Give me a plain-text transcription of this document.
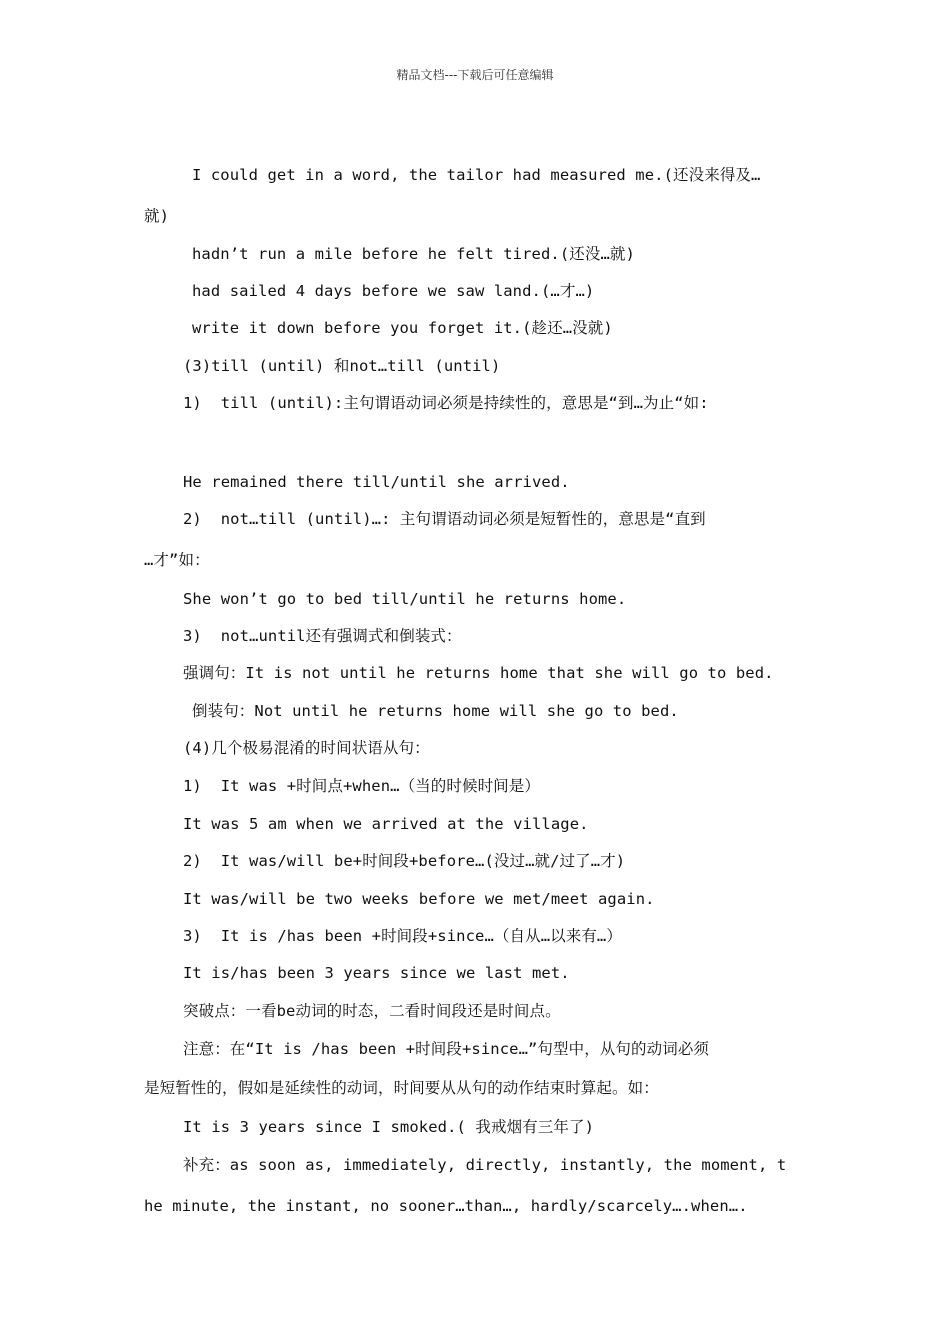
精品文档---下载后可任意编辑
I could get in a word, the tailor had measured me.(还没来得及…
就)
hadn’t run a mile before he felt tired.(还没…就)
had sailed 4 days before we saw land.(…才…)
write it down before you forget it.(趁还…没就)
(3)till (until) 和not…till (until)
1)  till (until):主句谓语动词必须是持续性的，意思是“到…为止“如:
He remained there till/until she arrived.
2)  not…till (until)…: 主句谓语动词必须是短暂性的，意思是“直到
…才”如：
She won’t go to bed till/until he returns home.
3)  not…until还有强调式和倒装式：
强调句：It is not until he returns home that she will go to bed.
倒装句：Not until he returns home will she go to bed.
(4)几个极易混淆的时间状语从句：
1)  It was +时间点+when…（当的时候时间是）
It was 5 am when we arrived at the village.
2)  It was/will be+时间段+before…(没过…就/过了…才)
It was/will be two weeks before we met/meet again.
3)  It is /has been +时间段+since…（自从…以来有…）
It is/has been 3 years since we last met.
突破点：一看be动词的时态，二看时间段还是时间点。
注意：在“It is /has been +时间段+since…”句型中，从句的动词必须
是短暂性的，假如是延续性的动词，时间要从从句的动作结束时算起。如：
It is 3 years since I smoked.( 我戒烟有三年了)
补充：as soon as, immediately, directly, instantly, the moment, t
he minute, the instant, no sooner…than…, hardly/scarcely….when….
